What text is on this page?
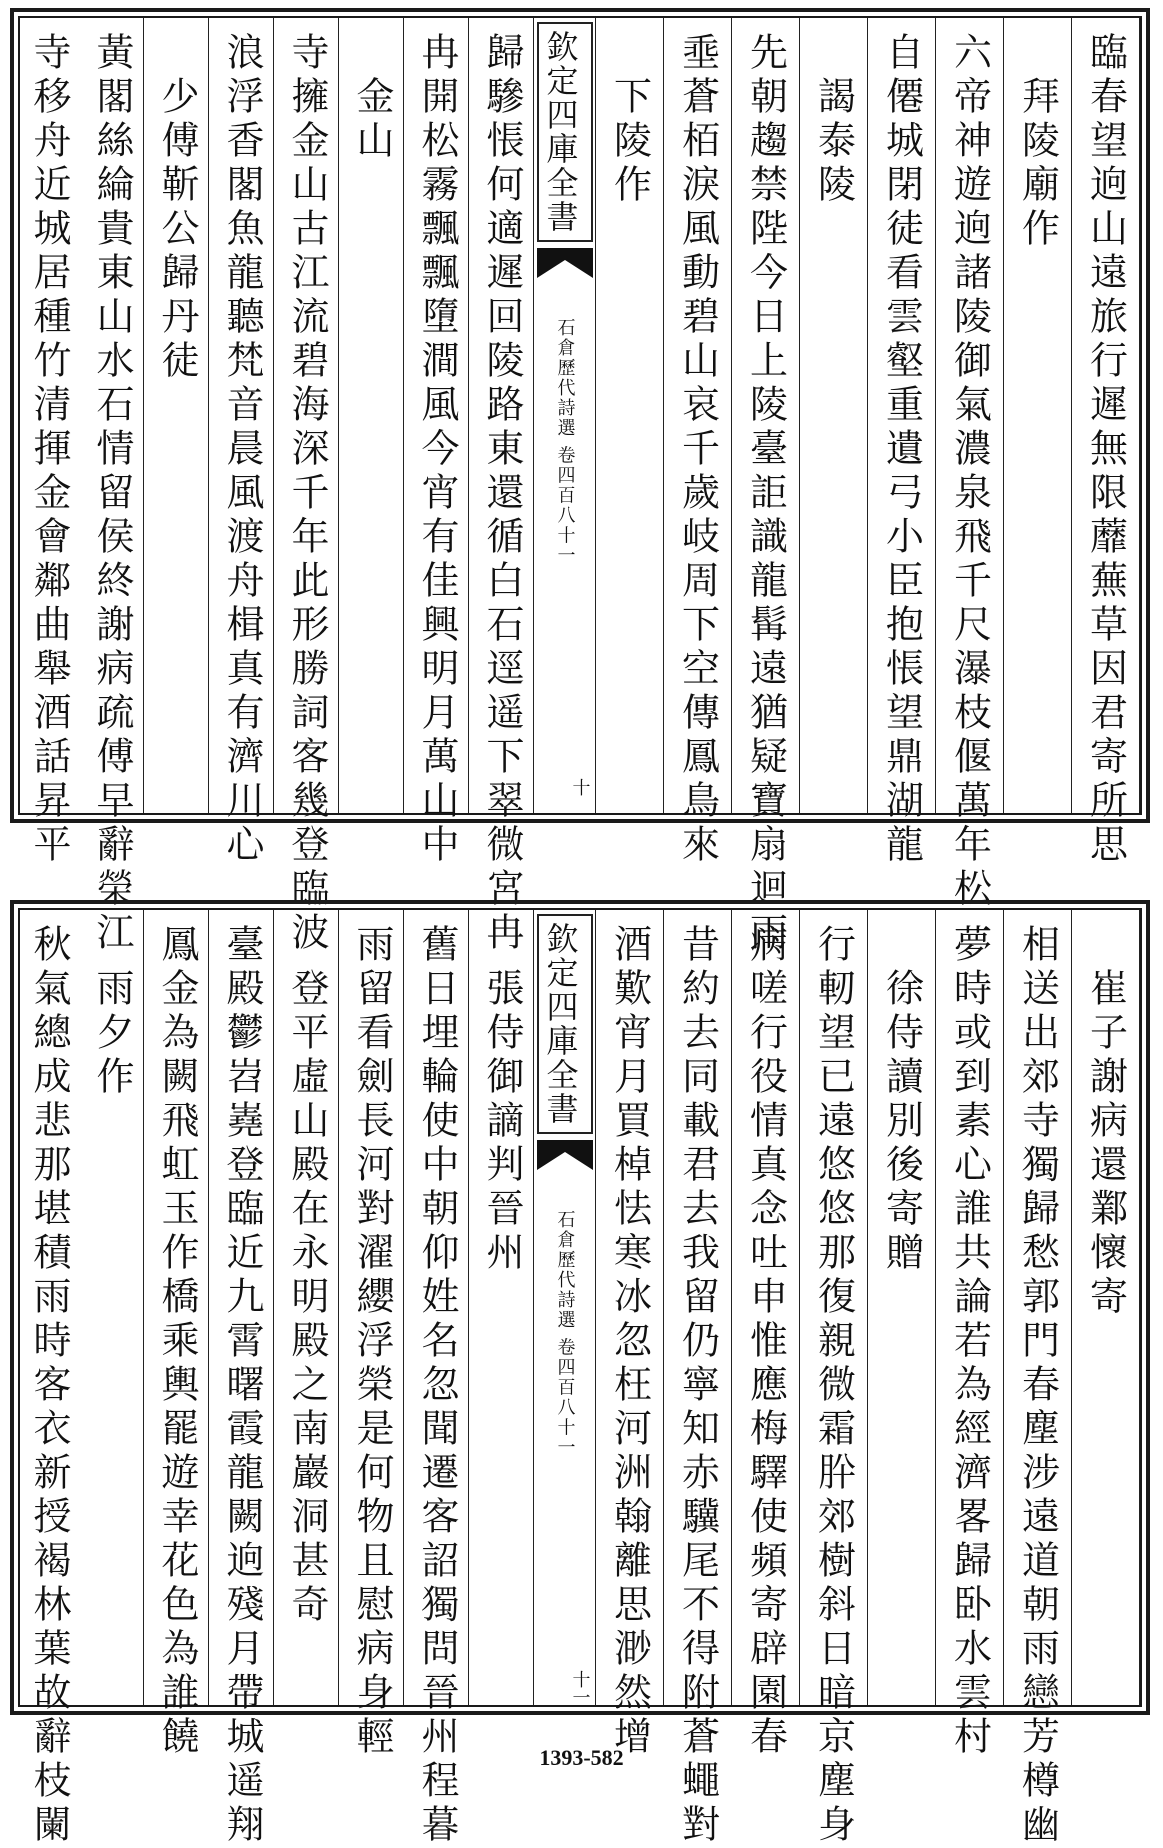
臨春望逈山遠旅行遲無限蘼蕪草因君寄所思
　拜陵廟作
六帝神遊逈諸陵御氣濃泉飛千尺瀑枝偃萬年松一
自僊城閉徒看雲壑重遺弓小臣抱悵望鼎湖龍
　謁泰陵
先朝趨禁陛今日上陵臺詎識龍髯遠猶疑寶扇迴雨
埀蒼栢淚風動碧山哀千歲岐周下空傳鳳鳥來
　下陵作
欽定四庫全書
石倉歷代詩選 卷四百八十一
十
歸驂悵何適遲回陵路東還循白石逕遥下翠微宮冉
冉開松霧飄飄墮澗風今宵有佳興明月萬山中
　金山
寺擁金山古江流碧海深千年此形勝詞客幾登臨波
浪浮香閣魚龍聽梵音晨風渡舟楫真有濟川心
　少傅靳公歸丹徒
黃閣絲綸貴東山水石情留侯終謝病疏傅早辭榮江
寺移舟近城居種竹清揮金會鄰曲舉酒話昇平
　崔子謝病還鄴懷寄
相送出郊寺獨歸愁郭門春塵涉遠道朝雨戀芳樽幽
夢時或到素心誰共論若為經濟畧歸卧水雲村
　徐侍讀別後寄贈
行軔望已遠悠悠那復親微霜肸郊樹斜日暗京塵身
病嗟行役情真念吐申惟應梅驛使頻寄辟園春
昔約去同載君去我留仍寧知赤驥尾不得附蒼蠅對
酒歎宵月買棹怯寒冰忽枉河洲翰離思渺然增
欽定四庫全書
石倉歷代詩選 卷四百八十一
十一
　張侍御謫判晉州
舊日埋輪使中朝仰姓名忽聞遷客詔獨問晉州程暮
雨留看劍長河對濯纓浮榮是何物且慰病身輕
　登平虛山殿在永明殿之南巖洞甚奇
臺殿鬱岧嶤登臨近九霄曙霞龍闕逈殘月帶城遥翔
鳳金為闕飛虹玉作橋乘輿罷遊幸花色為誰饒
　雨夕作
秋氣總成悲那堪積雨時客衣新授褐林葉故辭枝闌	1393-582
